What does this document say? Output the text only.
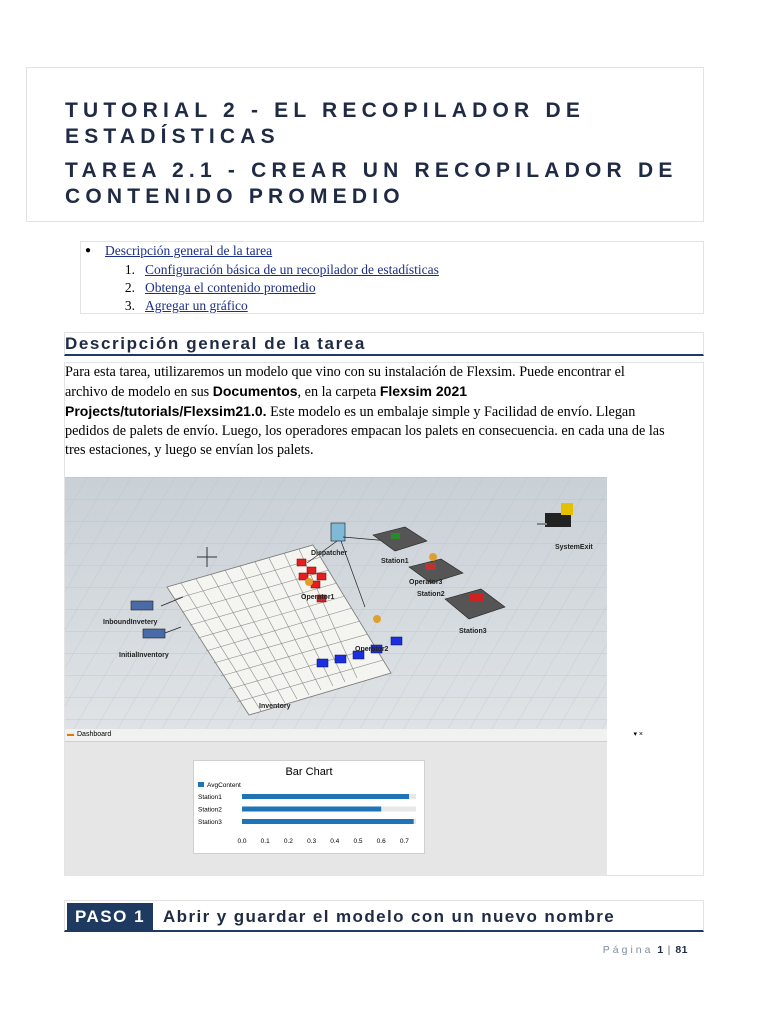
TUTORIAL 2 - EL RECOPILADOR DE ESTADÍSTICAS
TAREA 2.1 - CREAR UN RECOPILADOR DE CONTENIDO PROMEDIO
● Descripción general de la tarea
1. Configuración básica de un recopilador de estadísticas
2. Obtenga el contenido promedio
3. Agregar un gráfico
Descripción general de la tarea

Para esta tarea, utilizaremos un modelo que vino con su instalación de Flexsim. Puede encontrar el

archivo de modelo en sus Documentos, en la carpeta Flexsim 2021

Projects/tutorials/Flexsim21.0. Este modelo es un embalaje simple y Facilidad de envío. Llegan

pedidos de palets de envío. Luego, los operadores empacan los palets en consecuencia. en cada una de las

tres estaciones, y luego se envían los palets.

Dispatcher
Station1
Station2
Station3
Operator1
Operator2
Operator3
SystemExit
InboundInvetery
InitialInventory
Inventory
▬ Dashboard	▾ ×
Bar Chart
AvgContent
Station1
Station2
Station3
0.0 0.1 0.2 0.3 0.4 0.5 0.6 0.7
PASO 1	Abrir y guardar el modelo con un nuevo nombre
Página 1 | 81
